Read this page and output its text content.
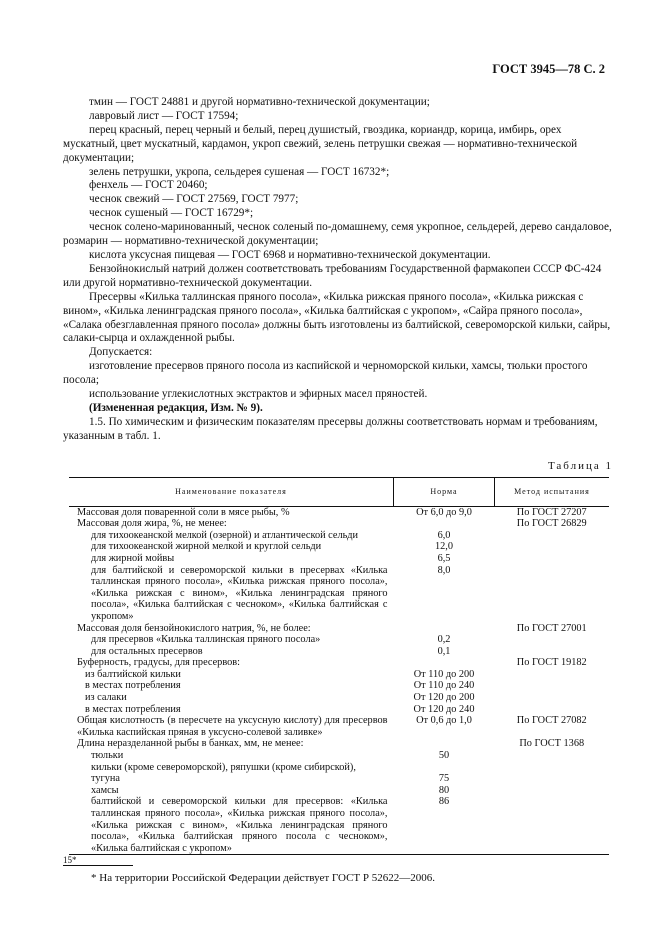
ГОСТ 3945—78 С. 2

тмин — ГОСТ 24881 и другой нормативно-технической документации;

лавровый лист — ГОСТ 17594;

перец красный, перец черный и белый, перец душистый, гвоздика, кориандр, корица, имбирь, орех мускатный, цвет мускатный, кардамон, укроп свежий, зелень петрушки свежая — нормативно-технической документации;

зелень петрушки, укропа, сельдерея сушеная — ГОСТ 16732*;

фенхель — ГОСТ 20460;

чеснок свежий — ГОСТ 27569, ГОСТ 7977;

чеснок сушеный — ГОСТ 16729*;

чеснок солено-маринованный, чеснок соленый по-домашнему, семя укропное, сельдерей, дерево сандаловое, розмарин — нормативно-технической документации;

кислота уксусная пищевая — ГОСТ 6968 и нормативно-технической документации.

Бензойнокислый натрий должен соответствовать требованиям Государственной фармакопеи СССР ФС-424 или другой нормативно-технической документации.

Пресервы «Килька таллинская пряного посола», «Килька рижская пряного посола», «Килька рижская с вином», «Килька ленинградская пряного посола», «Килька балтийская с укропом», «Сайра пряного посола», «Салака обезглавленная пряного посола» должны быть изготовлены из балтийской, североморской кильки, сайры, салаки-сырца и охлажденной рыбы.

Допускается:

изготовление пресервов пряного посола из каспийской и черноморской кильки, хамсы, тюльки простого посола;

использование углекислотных экстрактов и эфирных масел пряностей.

(Измененная редакция, Изм. № 9).

1.5. По химическим и физическим показателям пресервы должны соответствовать нормам и требованиям, указанным в табл. 1.

Таблица 1
Наименование показателя	Норма	Метод испытания
Массовая доля поваренной соли в мясе рыбы, %	От 6,0 до 9,0	По ГОСТ 27207
Массовая доля жира, %, не менее:		По ГОСТ 26829
для тихоокеанской мелкой (озерной) и атлантической сельди	6,0	
для тихоокеанской жирной мелкой и круглой сельди	12,0	
для жирной мойвы	6,5	
для балтийской и североморской кильки в пресервах «Килька таллинская пряного посола», «Килька рижская пряного посола», «Килька рижская с вином», «Килька ленинградская пряного посола», «Килька балтийская с чесноком», «Килька балтийская с укропом»	8,0	
Массовая доля бензойнокислого натрия, %, не более:		По ГОСТ 27001
для пресервов «Килька таллинская пряного посола»	0,2	
для остальных пресервов	0,1	
Буферность, градусы, для пресервов:		По ГОСТ 19182
из балтийской кильки	От 110 до 200	
в местах потребления	От 110 до 240	
из салаки	От 120 до 200	
в местах потребления	От 120 до 240	
Общая кислотность (в пересчете на уксусную кислоту) для пресервов «Килька каспийская пряная в уксусно-солевой заливке»	От 0,6 до 1,0	По ГОСТ 27082
Длина неразделанной рыбы в банках, мм, не менее:		По ГОСТ 1368
тюльки	50	
кильки (кроме североморской), ряпушки (кроме сибирской),		
тугуна	75	
хамсы	80	
балтийской и североморской кильки для пресервов: «Килька таллинская пряного посола», «Килька рижская пряного посола», «Килька рижская с вином», «Килька ленинградская пряного посола», «Килька балтийская пряного посола с чесноком», «Килька балтийская с укропом»	86	
* На территории Российской Федерации действует ГОСТ Р 52622—2006.
15*
